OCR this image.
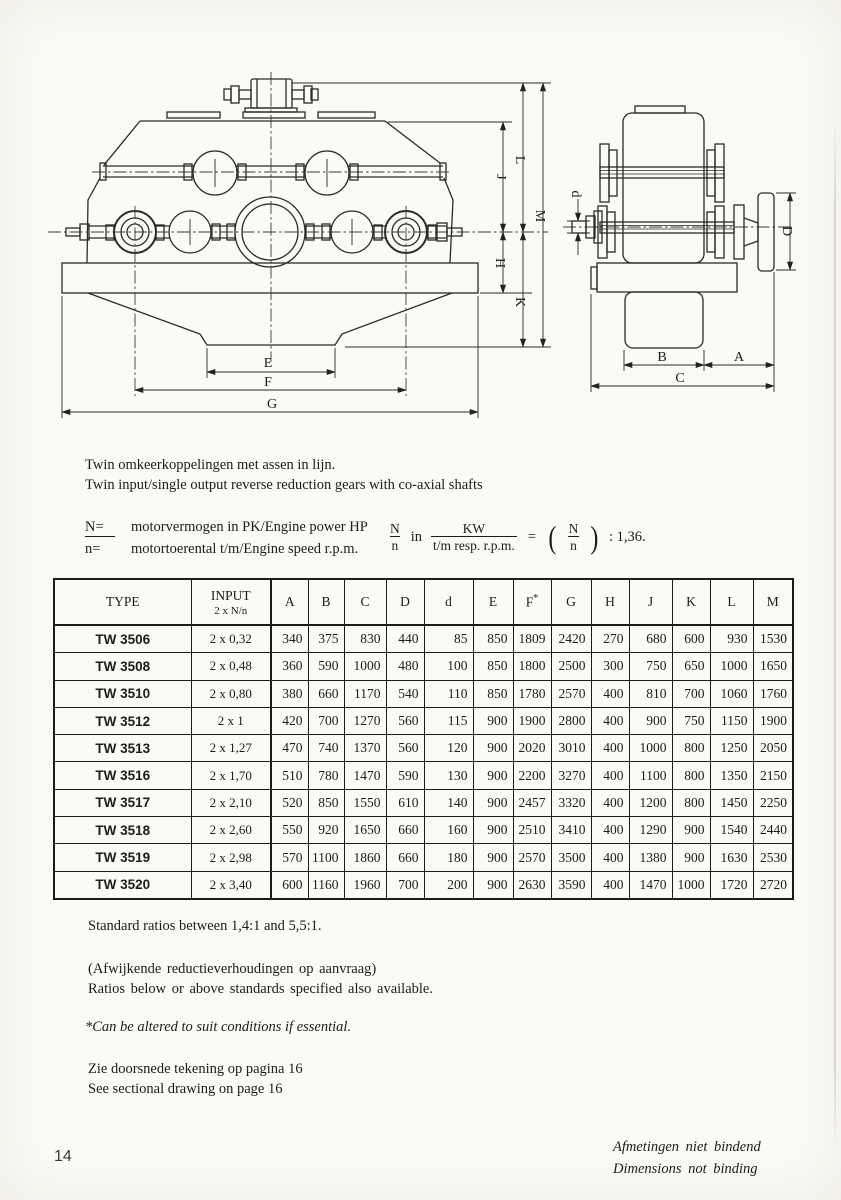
E
F
G
J
H
L
K
M
d
D
B	A
C
Twin omkeerkoppelingen met assen in lijn.
Twin input/single output reverse reduction gears with co-axial shafts
N=	motorvermogen in PK/Engine power HP
n=	motortoerental t/m/Engine speed r.p.m.	$\frac{N}{n}$ in $\frac{KW}{\text{t/m resp. r.p.m.}}$ = ( $\frac{N}{n}$ ) : 1,36.
TYPE	INPUT
2 x N/n	A	B	C	D	d	E	F*	G	H	J	K	L	M
TW 3506	2 x 0,32	340	375	830	440	85	850	1809	2420	270	680	600	930	1530
TW 3508	2 x 0,48	360	590	1000	480	100	850	1800	2500	300	750	650	1000	1650
TW 3510	2 x 0,80	380	660	1170	540	110	850	1780	2570	400	810	700	1060	1760
TW 3512	2 x 1	420	700	1270	560	115	900	1900	2800	400	900	750	1150	1900
TW 3513	2 x 1,27	470	740	1370	560	120	900	2020	3010	400	1000	800	1250	2050
TW 3516	2 x 1,70	510	780	1470	590	130	900	2200	3270	400	1100	800	1350	2150
TW 3517	2 x 2,10	520	850	1550	610	140	900	2457	3320	400	1200	800	1450	2250
TW 3518	2 x 2,60	550	920	1650	660	160	900	2510	3410	400	1290	900	1540	2440
TW 3519	2 x 2,98	570	1100	1860	660	180	900	2570	3500	400	1380	900	1630	2530
TW 3520	2 x 3,40	600	1160	1960	700	200	900	2630	3590	400	1470	1000	1720	2720
Standard ratios between 1,4:1 and 5,5:1.
(Afwijkende reductieverhoudingen op aanvraag)
Ratios below or above standards specified also available.
*Can be altered to suit conditions if essential.
Zie doorsnede tekening op pagina 16
See sectional drawing on page 16
Afmetingen niet bindend
Dimensions not binding
14
